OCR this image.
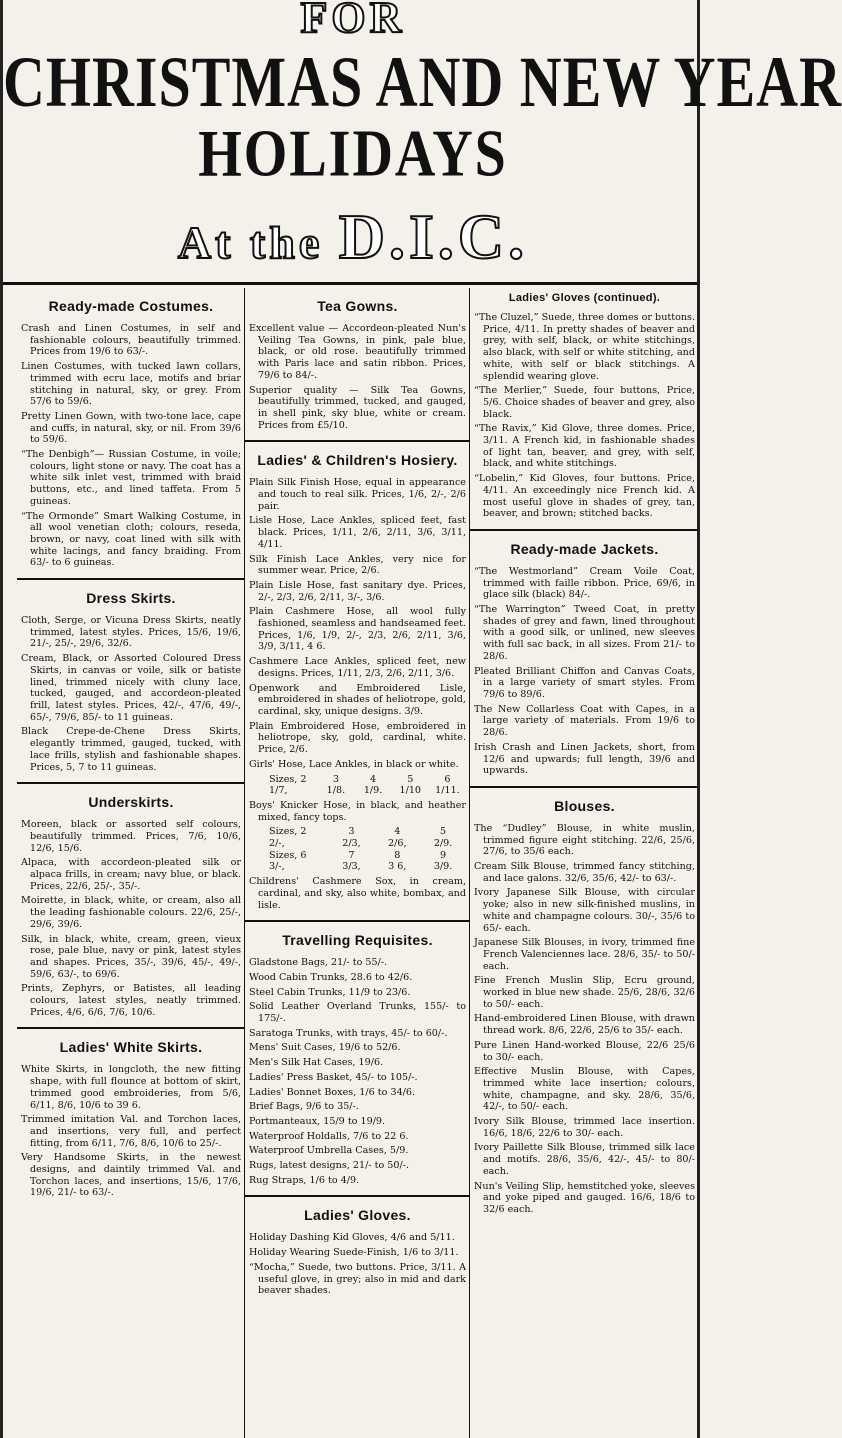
FOR
CHRISTMAS AND NEW YEAR
HOLIDAYS
At the D.I.C.
Ready-made Costumes.

Crash and Linen Costumes, in self and fashionable colours, beautifully trimmed. Prices from 19/6 to 63/-.

Linen Costumes, with tucked lawn collars, trimmed with ecru lace, motifs and briar stitching in natural, sky, or grey. From 57/6 to 59/6.

Pretty Linen Gown, with two-tone lace, cape and cuffs, in natural, sky, or nil. From 39/6 to 59/6.

“The Denbigh”— Russian Costume, in voile; colours, light stone or navy. The coat has a white silk inlet vest, trimmed with braid buttons, etc., and lined taffeta. From 5 guineas.

“The Ormonde” Smart Walking Costume, in all wool venetian cloth; colours, reseda, brown, or navy, coat lined with silk with white lacings, and fancy braiding. From 63/- to 6 guineas.

Dress Skirts.

Cloth, Serge, or Vicuna Dress Skirts, neatly trimmed, latest styles. Prices, 15/6, 19/6, 21/-, 25/-, 29/6, 32/6.

Cream, Black, or Assorted Coloured Dress Skirts, in canvas or voile, silk or batiste lined, trimmed nicely with cluny lace, tucked, gauged, and accordeon-pleated frill, latest styles. Prices, 42/-, 47/6, 49/-, 65/-, 79/6, 85/- to 11 guineas.

Black Crepe-de-Chene Dress Skirts, elegantly trimmed, gauged, tucked, with lace frills, stylish and fashionable shapes. Prices, 5, 7 to 11 guineas.

Underskirts.

Moreen, black or assorted self colours, beautifully trimmed. Prices, 7/6, 10/6, 12/6, 15/6.

Alpaca, with accordeon-pleated silk or alpaca frills, in cream; navy blue, or black. Prices, 22/6, 25/-, 35/-.

Moirette, in black, white, or cream, also all the leading fashionable colours. 22/6, 25/-, 29/6, 39/6.

Silk, in black, white, cream, green, vieux rose, pale blue, navy or pink, latest styles and shapes. Prices, 35/-, 39/6, 45/-, 49/-, 59/6, 63/-, to 69/6.

Prints, Zephyrs, or Batistes, all leading colours, latest styles, neatly trimmed. Prices, 4/6, 6/6, 7/6, 10/6.

Ladies' White Skirts.

White Skirts, in longcloth, the new fitting shape, with full flounce at bottom of skirt, trimmed good embroideries, from 5/6, 6/11, 8/6, 10/6 to 39 6.

Trimmed imitation Val. and Torchon laces, and insertions, very full, and perfect fitting, from 6/11, 7/6, 8/6, 10/6 to 25/-.

Very Handsome Skirts, in the newest designs, and daintily trimmed Val. and Torchon laces, and insertions, 15/6, 17/6, 19/6, 21/- to 63/-.

Tea Gowns.

Excellent value — Accordeon-pleated Nun's Veiling Tea Gowns, in pink, pale blue, black, or old rose. beautifully trimmed with Paris lace and satin ribbon. Prices, 79/6 to 84/-.

Superior quality — Silk Tea Gowns, beautifully trimmed, tucked, and gauged, in shell pink, sky blue, white or cream. Prices from £5/10.

Ladies' & Children's Hosiery.

Plain Silk Finish Hose, equal in appearance and touch to real silk. Prices, 1/6, 2/-, 2/6 pair.

Lisle Hose, Lace Ankles, spliced feet, fast black. Prices, 1/11, 2/6, 2/11, 3/6, 3/11, 4/11.

Silk Finish Lace Ankles, very nice for summer wear. Price, 2/6.

Plain Lisle Hose, fast sanitary dye. Prices, 2/-, 2/3, 2/6, 2/11, 3/-, 3/6.

Plain Cashmere Hose, all wool fully fashioned, seamless and handseamed feet. Prices, 1/6, 1/9, 2/-, 2/3, 2/6, 2/11, 3/6, 3/9, 3/11, 4 6.

Cashmere Lace Ankles, spliced feet, new designs. Prices, 1/11, 2/3, 2/6, 2/11, 3/6.

Openwork and Embroidered Lisle, embroidered in shades of heliotrope, gold, cardinal, sky, unique designs. 3/9.

Plain Embroidered Hose, embroidered in heliotrope, sky, gold, cardinal, white. Price, 2/6.

Girls' Hose, Lace Ankles, in black or white.

Sizes, 2	3	4	5	6
1/7,	1/8.	1/9.	1/10	1/11.

Boys' Knicker Hose, in black, and heather mixed, fancy tops.

Sizes, 2	3	4	5
2/-,	2/3,	2/6,	2/9.
Sizes, 6	7	8	9
3/-,	3/3,	3 6,	3/9.

Childrens' Cashmere Sox, in cream, cardinal, and sky, also white, bombax, and lisle.

Travelling Requisites.

Gladstone Bags, 21/- to 55/-.

Wood Cabin Trunks, 28.6 to 42/6.

Steel Cabin Trunks, 11/9 to 23/6.

Solid Leather Overland Trunks, 155/- to 175/-.

Saratoga Trunks, with trays, 45/- to 60/-.

Mens' Suit Cases, 19/6 to 52/6.

Men's Silk Hat Cases, 19/6.

Ladies' Press Basket, 45/- to 105/-.

Ladies' Bonnet Boxes, 1/6 to 34/6.

Brief Bags, 9/6 to 35/-.

Portmanteaux, 15/9 to 19/9.

Waterproof Holdalls, 7/6 to 22 6.

Waterproof Umbrella Cases, 5/9.

Rugs, latest designs, 21/- to 50/-.

Rug Straps, 1/6 to 4/9.

Ladies' Gloves.

Holiday Dashing Kid Gloves, 4/6 and 5/11.

Holiday Wearing Suede-Finish, 1/6 to 3/11.

“Mocha,” Suede, two buttons. Price, 3/11. A useful glove, in grey; also in mid and dark beaver shades.

Ladies' Gloves (continued).

“The Cluzel,” Suede, three domes or buttons. Price, 4/11. In pretty shades of beaver and grey, with self, black, or white stitchings, also black, with self or white stitching, and white, with self or black stitchings. A splendid wearing glove.

“The Merlier,” Suede, four buttons, Price, 5/6. Choice shades of beaver and grey, also black.

“The Ravix,” Kid Glove, three domes. Price, 3/11. A French kid, in fashionable shades of light tan, beaver, and grey, with self, black, and white stitchings.

“Lobelin,” Kid Gloves, four buttons. Price, 4/11. An exceedingly nice French kid. A most useful glove in shades of grey, tan, beaver, and brown; stitched backs.

Ready-made Jackets.

“The Westmorland” Cream Voile Coat, trimmed with faille ribbon. Price, 69/6, in glace silk (black) 84/-.

“The Warrington” Tweed Coat, in pretty shades of grey and fawn, lined throughout with a good silk, or unlined, new sleeves with full sac back, in all sizes. From 21/- to 28/6.

Pleated Brilliant Chiffon and Canvas Coats, in a large variety of smart styles. From 79/6 to 89/6.

The New Collarless Coat with Capes, in a large variety of materials. From 19/6 to 28/6.

Irish Crash and Linen Jackets, short, from 12/6 and upwards; full length, 39/6 and upwards.

Blouses.

The “Dudley” Blouse, in white muslin, trimmed figure eight stitching. 22/6, 25/6, 27/6, to 35/6 each.

Cream Silk Blouse, trimmed fancy stitching, and lace galons. 32/6, 35/6, 42/- to 63/-.

Ivory Japanese Silk Blouse, with circular yoke; also in new silk-finished muslins, in white and champagne colours. 30/-, 35/6 to 65/- each.

Japanese Silk Blouses, in ivory, trimmed fine French Valenciennes lace. 28/6, 35/- to 50/- each.

Fine French Muslin Slip, Ecru ground, worked in blue new shade. 25/6, 28/6, 32/6 to 50/- each.

Hand-embroidered Linen Blouse, with drawn thread work. 8/6, 22/6, 25/6 to 35/- each.

Pure Linen Hand-worked Blouse, 22/6 25/6 to 30/- each.

Effective Muslin Blouse, with Capes, trimmed white lace insertion; colours, white, champagne, and sky. 28/6, 35/6, 42/-, to 50/- each.

Ivory Silk Blouse, trimmed lace insertion. 16/6, 18/6, 22/6 to 30/- each.

Ivory Paillette Silk Blouse, trimmed silk lace and motifs. 28/6, 35/6, 42/-, 45/- to 80/- each.

Nun's Veiling Slip, hemstitched yoke, sleeves and yoke piped and gauged. 16/6, 18/6 to 32/6 each.
